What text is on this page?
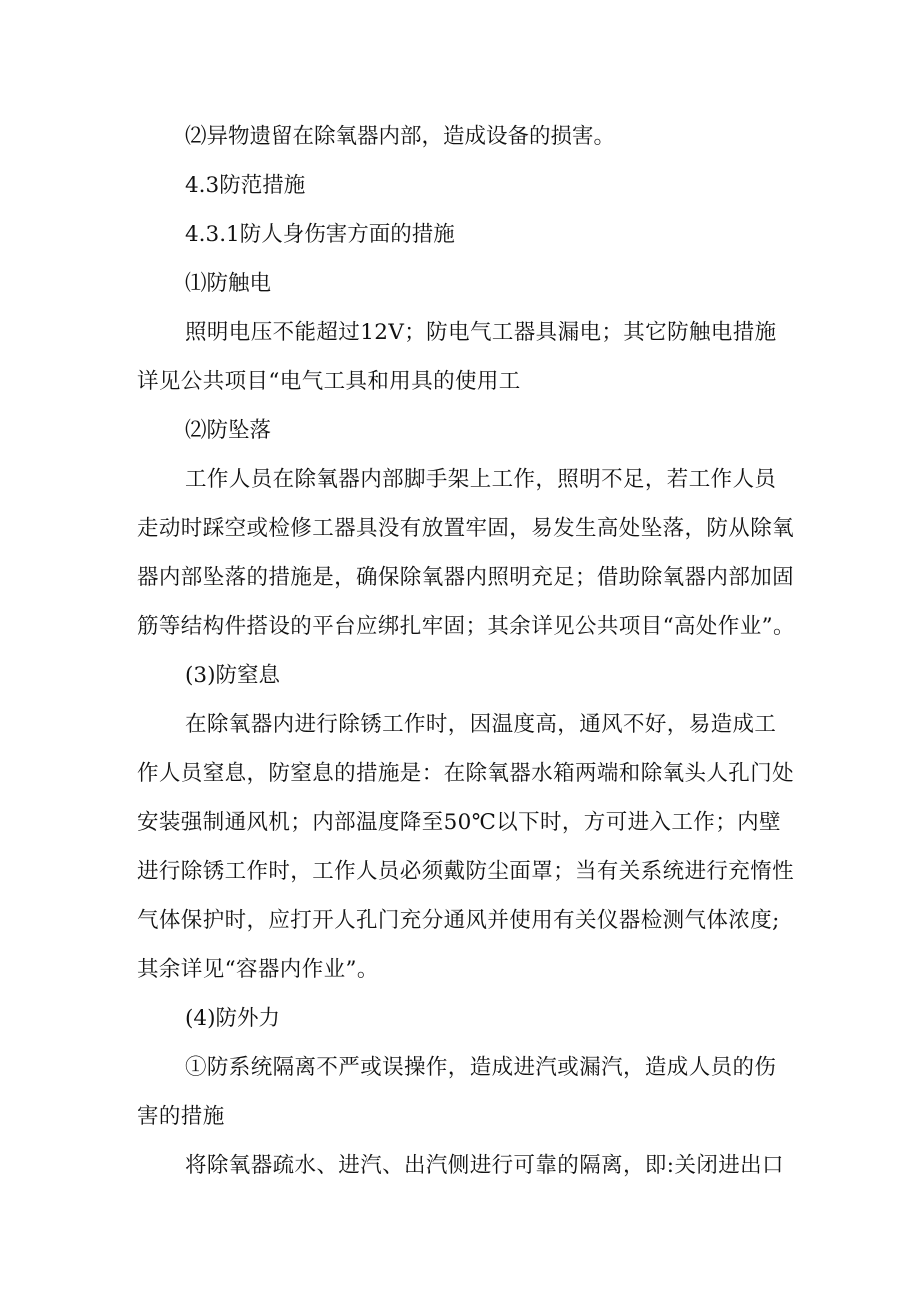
⑵异物遗留在除氧器内部，造成设备的损害。

4.3防范措施

4.3.1防人身伤害方面的措施

⑴防触电

照明电压不能超过12V；防电气工器具漏电；其它防触电措施详见公共项目“电气工具和用具的使用工

⑵防坠落

工作人员在除氧器内部脚手架上工作，照明不足，若工作人员走动时踩空或检修工器具没有放置牢固，易发生高处坠落，防从除氧器内部坠落的措施是，确保除氧器内照明充足；借助除氧器内部加固筋等结构件搭设的平台应绑扎牢固；其余详见公共项目“高处作业”。

(3)防窒息

在除氧器内进行除锈工作时，因温度高，通风不好，易造成工作人员窒息，防窒息的措施是：在除氧器水箱两端和除氧头人孔门处安装强制通风机；内部温度降至50℃以下时，方可进入工作；内壁进行除锈工作时，工作人员必须戴防尘面罩；当有关系统进行充惰性气体保护时，应打开人孔门充分通风并使用有关仪器检测气体浓度;其余详见“容器内作业”。

(4)防外力

①防系统隔离不严或误操作，造成进汽或漏汽，造成人员的伤害的措施

将除氧器疏水、进汽、出汽侧进行可靠的隔离，即:关闭进出口
